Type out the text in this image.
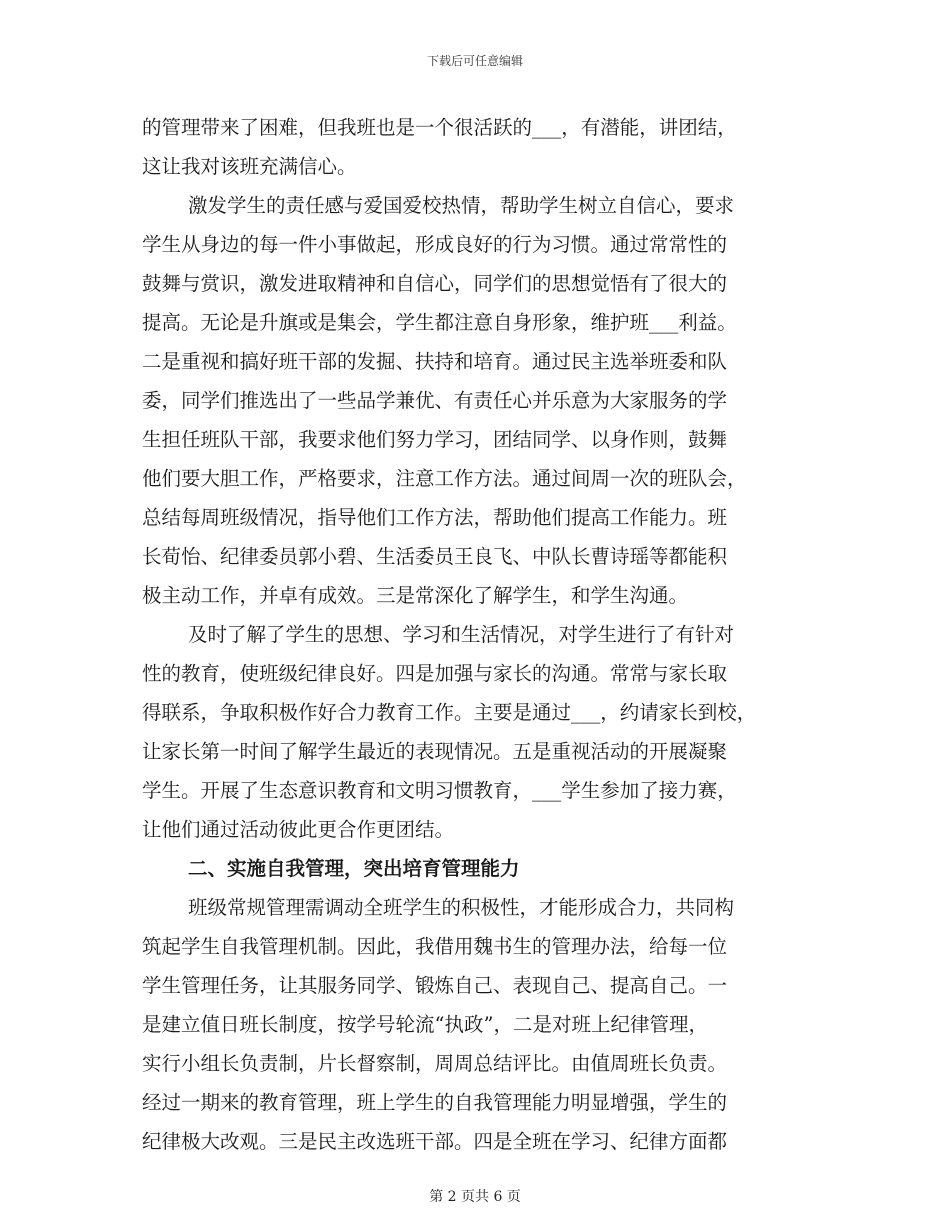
下载后可任意编辑
的管理带来了困难，但我班也是一个很活跃的___，有潜能，讲团结，
这让我对该班充满信心。
激发学生的责任感与爱国爱校热情，帮助学生树立自信心，要求
学生从身边的每一件小事做起，形成良好的行为习惯。通过常常性的
鼓舞与赏识，激发进取精神和自信心，同学们的思想觉悟有了很大的
提高。无论是升旗或是集会，学生都注意自身形象，维护班___利益。
二是重视和搞好班干部的发掘、扶持和培育。通过民主选举班委和队
委，同学们推选出了一些品学兼优、有责任心并乐意为大家服务的学
生担任班队干部，我要求他们努力学习，团结同学、以身作则，鼓舞
他们要大胆工作，严格要求，注意工作方法。通过间周一次的班队会，
总结每周班级情况，指导他们工作方法，帮助他们提高工作能力。班
长荀怡、纪律委员郭小碧、生活委员王良飞、中队长曹诗瑶等都能积
极主动工作，并卓有成效。三是常深化了解学生，和学生沟通。
及时了解了学生的思想、学习和生活情况，对学生进行了有针对
性的教育，使班级纪律良好。四是加强与家长的沟通。常常与家长取
得联系，争取积极作好合力教育工作。主要是通过___，约请家长到校，
让家长第一时间了解学生最近的表现情况。五是重视活动的开展凝聚
学生。开展了生态意识教育和文明习惯教育，___学生参加了接力赛，
让他们通过活动彼此更合作更团结。
二、实施自我管理，突出培育管理能力
班级常规管理需调动全班学生的积极性，才能形成合力，共同构
筑起学生自我管理机制。因此，我借用魏书生的管理办法，给每一位
学生管理任务，让其服务同学、锻炼自己、表现自己、提高自己。一
是建立值日班长制度，按学号轮流“执政”，二是对班上纪律管理，
实行小组长负责制，片长督察制，周周总结评比。由值周班长负责。
经过一期来的教育管理，班上学生的自我管理能力明显增强，学生的
纪律极大改观。三是民主改选班干部。四是全班在学习、纪律方面都
第 2 页共 6 页
